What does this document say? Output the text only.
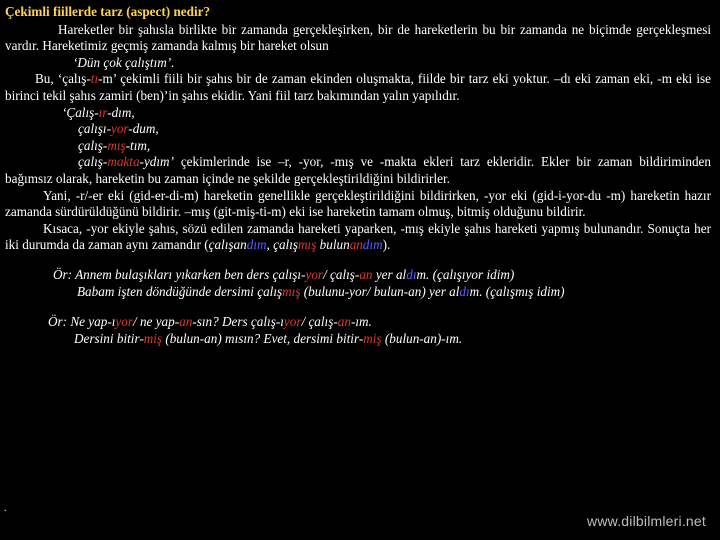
Çekimli fiillerde tarz (aspect) nedir?

Hareketler bir şahısla birlikte bir zamanda gerçekleşirken, bir de hareketlerin bu bir zamanda ne biçimde gerçekleşmesi vardır. Hareketimiz geçmiş zamanda kalmış bir hareket olsun

‘Dün çok çalıştım’.

Bu, ‘çalış-tı-m’ çekimli fiili bir şahıs bir de zaman ekinden oluşmakta, fiilde bir tarz eki yoktur. –dı eki zaman eki, -m eki ise birinci tekil şahıs zamiri (ben)’in şahıs ekidir. Yani fiil tarz bakımından yalın yapılıdır.

‘Çalış-ır-dım,

çalışı-yor-dum,

çalış-mış-tım,

çalış-makta-ydım’ çekimlerinde ise –r, -yor, -mış ve -makta ekleri tarz ekleridir. Ekler bir zaman bildiriminden bağımsız olarak, hareketin bu zaman içinde ne şekilde gerçekleştirildiğini bildirirler.

Yani, -r/-er eki (gid-er-di-m) hareketin genellikle gerçekleştirildiğini bildirirken, -yor eki (gid-i-yor-du -m) hareketin hazır zamanda sürdürüldüğünü bildirir. –mış (git-miş-ti-m) eki ise hareketin tamam olmuş, bitmiş olduğunu bildirir.

Kısaca, -yor ekiyle şahıs, sözü edilen zamanda hareketi yaparken, -mış ekiyle şahıs hareketi yapmış bulunandır. Sonuçta her iki durumda da zaman aynı zamandır (çalışandım, çalışmış bulunandım).

Ör: Annem bulaşıkları yıkarken ben ders çalışı-yor/ çalış-an yer aldım. (çalışıyor idim)
Babam işten döndüğünde dersimi çalışmış (bulunu-yor/ bulun-an) yer aldım. (çalışmış idim)
Ör: Ne yap-ıyor/ ne yap-an-sın? Ders çalış-ıyor/ çalış-an-ım.
Dersini bitir-miş (bulun-an) mısın? Evet, dersimi bitir-miş (bulun-an)-ım.
.
www.dilbilmleri.net
